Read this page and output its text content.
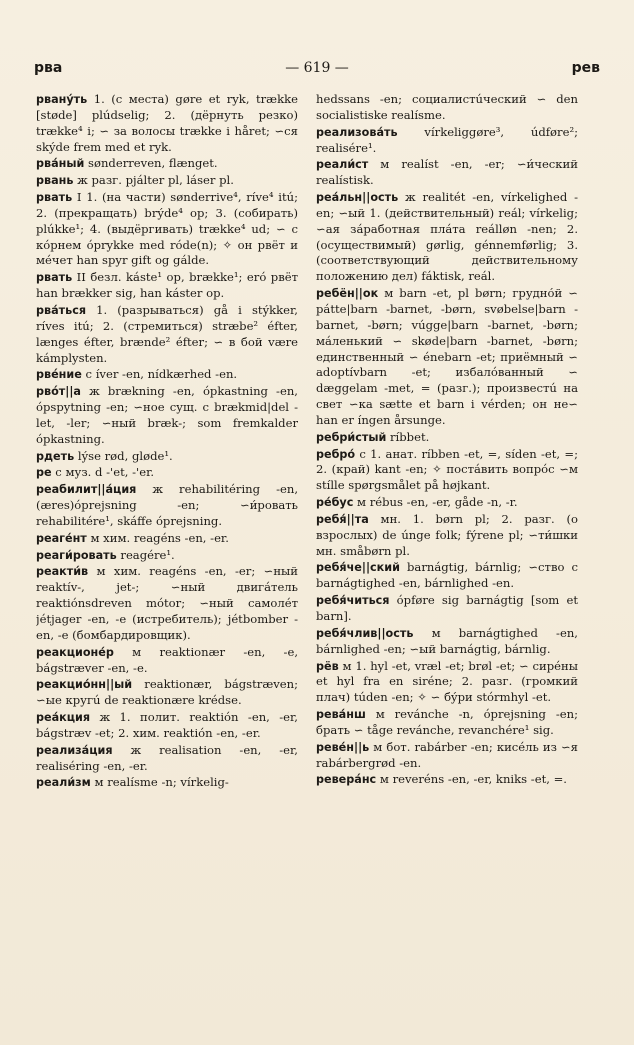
— 619 —
рва	рев

рвану́ть 1. (с места) gøre et ryk, trække [støde] plúdselig; 2. (дёрнуть резко) trække⁴ i; ∽ за волосы trække i håret; ∽ся skýde frem med et ryk.

рва́ный sønderreven, flænget.

рвань ж разг. pjálter pl, láser pl.

рвать I 1. (на части) sønderrive⁴, ríve⁴ itú; 2. (прекращать) brýde⁴ op; 3. (собирать) plúkke¹; 4. (выдёргивать) trække⁴ ud; ∽ с кóрнем óprykke med róde(n); ✧ он рвёт и мéчет han spyr gift og gálde.

рвать II безл. káste¹ op, brække¹; eró рвёт han brækker sig, han káster op.

рва́ться 1. (разрываться) gå i stýkker, ríves itú; 2. (стремиться) stræbe² éfter, længes éfter, brænde² éfter; ∽ в бой være kámplysten.

рвéние с íver -en, nídkærhed -en.

рвóт||а ж brækning -en, ópkastning -en, ópspytning -en; ∽ное сущ. с brækmid|del -let, -ler; ∽ный bræk-; som fremkalder ópkastning.

рдеть lýse rød, gløde¹.

ре с муз. d -'et, -'er.

реабилит||а́ция ж rehabilitéring -en, (æres)óprejsning -en; ∽и́ровать rehabilitére¹, skáffe óprejsning.

реаге́нт м хим. reagéns -en, -er.

реаги́ровать reagére¹.

реакти́в м хим. reagéns -en, -er; ∽ный reaktív-, jet-; ∽ный двигáтель reaktiónsdreven mótor; ∽ный самолéт jétjager -en, -e (истребитель); jétbomber -en, -e (бомбардировщик).

реакционе́р м reaktionær -en, -e, bágstræver -en, -e.

реакцио́нн||ый reaktionær, bágstræven; ∽ые кругú de reaktionære krédse.

реа́кция ж 1. полит. reaktión -en, -er, bágstræv -et; 2. хим. reaktión -en, -er.

реализа́ция ж realisation -en, -er, realiséring -en, -er.

реали́зм м realísme -n; vírkelig-

hedssans -en; социалистúческий ∽ den socialistiske realísme.

реализова́ть vírkeliggøre³, údføre²; realisére¹.

реали́ст м realíst -en, -er; ∽и́ческий realístisk.

реа́льн||ость ж realitét -en, vírkelighed -en; ∽ый 1. (действительный) reál; vírkelig; ∽ая зáработная плáта reálløn -nen; 2. (осуществимый) gørlig, génnemførlig; 3. (соответствующий действительному положению дел) fáktisk, reál.

ребён||ок м barn -et, pl børn; грудно́й ∽ pátte|barn -barnet, -børn, svøbelse|barn -barnet, -børn; vúgge|barn -barnet, -børn; мáленький ∽ skøde|barn -barnet, -børn; единственный ∽ énebarn -et; приёмный ∽ adoptívbarn -et; избалóванный ∽ dæggelam -met, = (разг.); произвестú на свет ∽ка sætte et barn i vérden; он не∽ han er íngen årsunge.

ребри́стый ríbbet.

ребро́ с 1. анат. ríbben -et, =, síden -et, =; 2. (край) kant -en; ✧ постáвить вопрóс ∽м stílle spørgsmålet på højkant.

ре́бус м rébus -en, -er, gåde -n, -r.

ребя́||та мн. 1. børn pl; 2. разг. (о взрослых) de únge folk; fýrene pl; ∽ти́шки мн. småbørn pl.

ребя́че||ский barnágtig, bárnlig; ∽ство с barnágtighed -en, bárnlighed -en.

ребя́читься ópføre sig barnágtig [som et barn].

ребя́члив||ость м barnágtighed -en, bárnlighed -en; ∽ый barnágtig, bárnlig.

рёв м 1. hyl -et, vræl -et; brøl -et; ∽ сирéны et hyl fra en siréne; 2. разг. (громкий плач) túden -en; ✧ ∽ бýри stórmhyl -et.

рева́нш м revánche -n, óprejsning -en; брать ∽ tåge revánche, revanchére¹ sig.

реве́н||ь м бот. rabárber -en; кисéль из ∽я rabárbergrød -en.

реверáнс м reveréns -en, -er, kniks -et, =.
